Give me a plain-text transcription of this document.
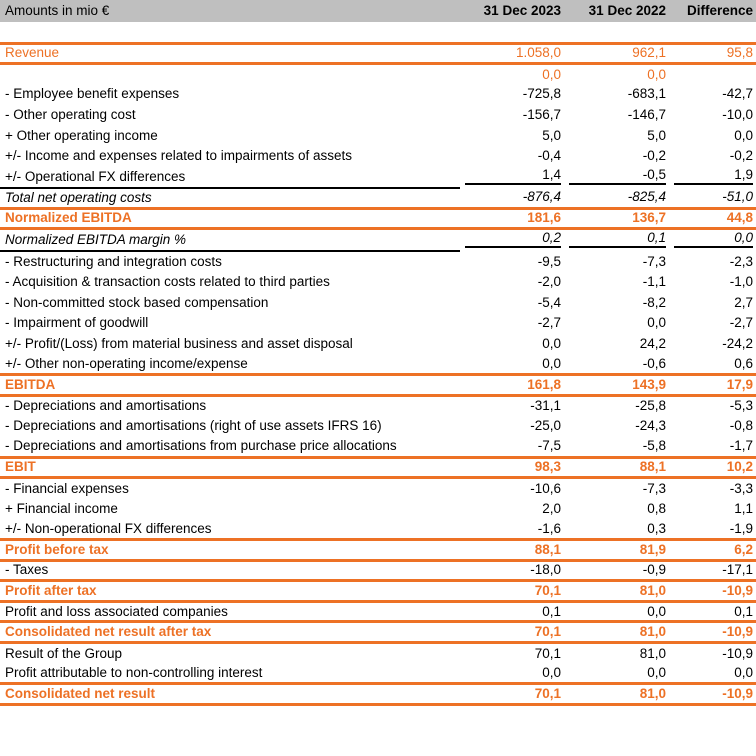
Amounts in mio €	31 Dec 2023	31 Dec 2022	Difference

Revenue	1.058,0	962,1	95,8
	0,0	0,0	
- Employee benefit expenses	-725,8	-683,1	-42,7
- Other operating cost	-156,7	-146,7	-10,0
+ Other operating income	5,0	5,0	0,0
+/- Income and expenses related to impairments of assets	-0,4	-0,2	-0,2
+/- Operational FX differences	1,4	-0,5	1,9

Total net operating costs	-876,4	-825,4	-51,0
Normalized EBITDA	181,6	136,7	44,8
Normalized EBITDA margin %	0,2	0,1	0,0

- Restructuring and integration costs	-9,5	-7,3	-2,3
- Acquisition & transaction costs related to third parties	-2,0	-1,1	-1,0
- Non-committed stock based compensation	-5,4	-8,2	2,7
- Impairment of goodwill	-2,7	0,0	-2,7
+/- Profit/(Loss) from material business and asset disposal	0,0	24,2	-24,2
+/- Other non-operating income/expense	0,0	-0,6	0,6
EBITDA	161,8	143,9	17,9
- Depreciations and amortisations	-31,1	-25,8	-5,3
- Depreciations and amortisations (right of use assets IFRS 16)	-25,0	-24,3	-0,8
- Depreciations and amortisations from purchase price allocations	-7,5	-5,8	-1,7
EBIT	98,3	88,1	10,2
- Financial expenses	-10,6	-7,3	-3,3
+ Financial income	2,0	0,8	1,1
+/- Non-operational FX differences	-1,6	0,3	-1,9
Profit before tax	88,1	81,9	6,2
- Taxes	-18,0	-0,9	-17,1
Profit after tax	70,1	81,0	-10,9
Profit and loss associated companies	0,1	0,0	0,1
Consolidated net result after tax	70,1	81,0	-10,9
Result of the Group	70,1	81,0	-10,9
Profit attributable to non-controlling interest	0,0	0,0	0,0
Consolidated net result	70,1	81,0	-10,9
